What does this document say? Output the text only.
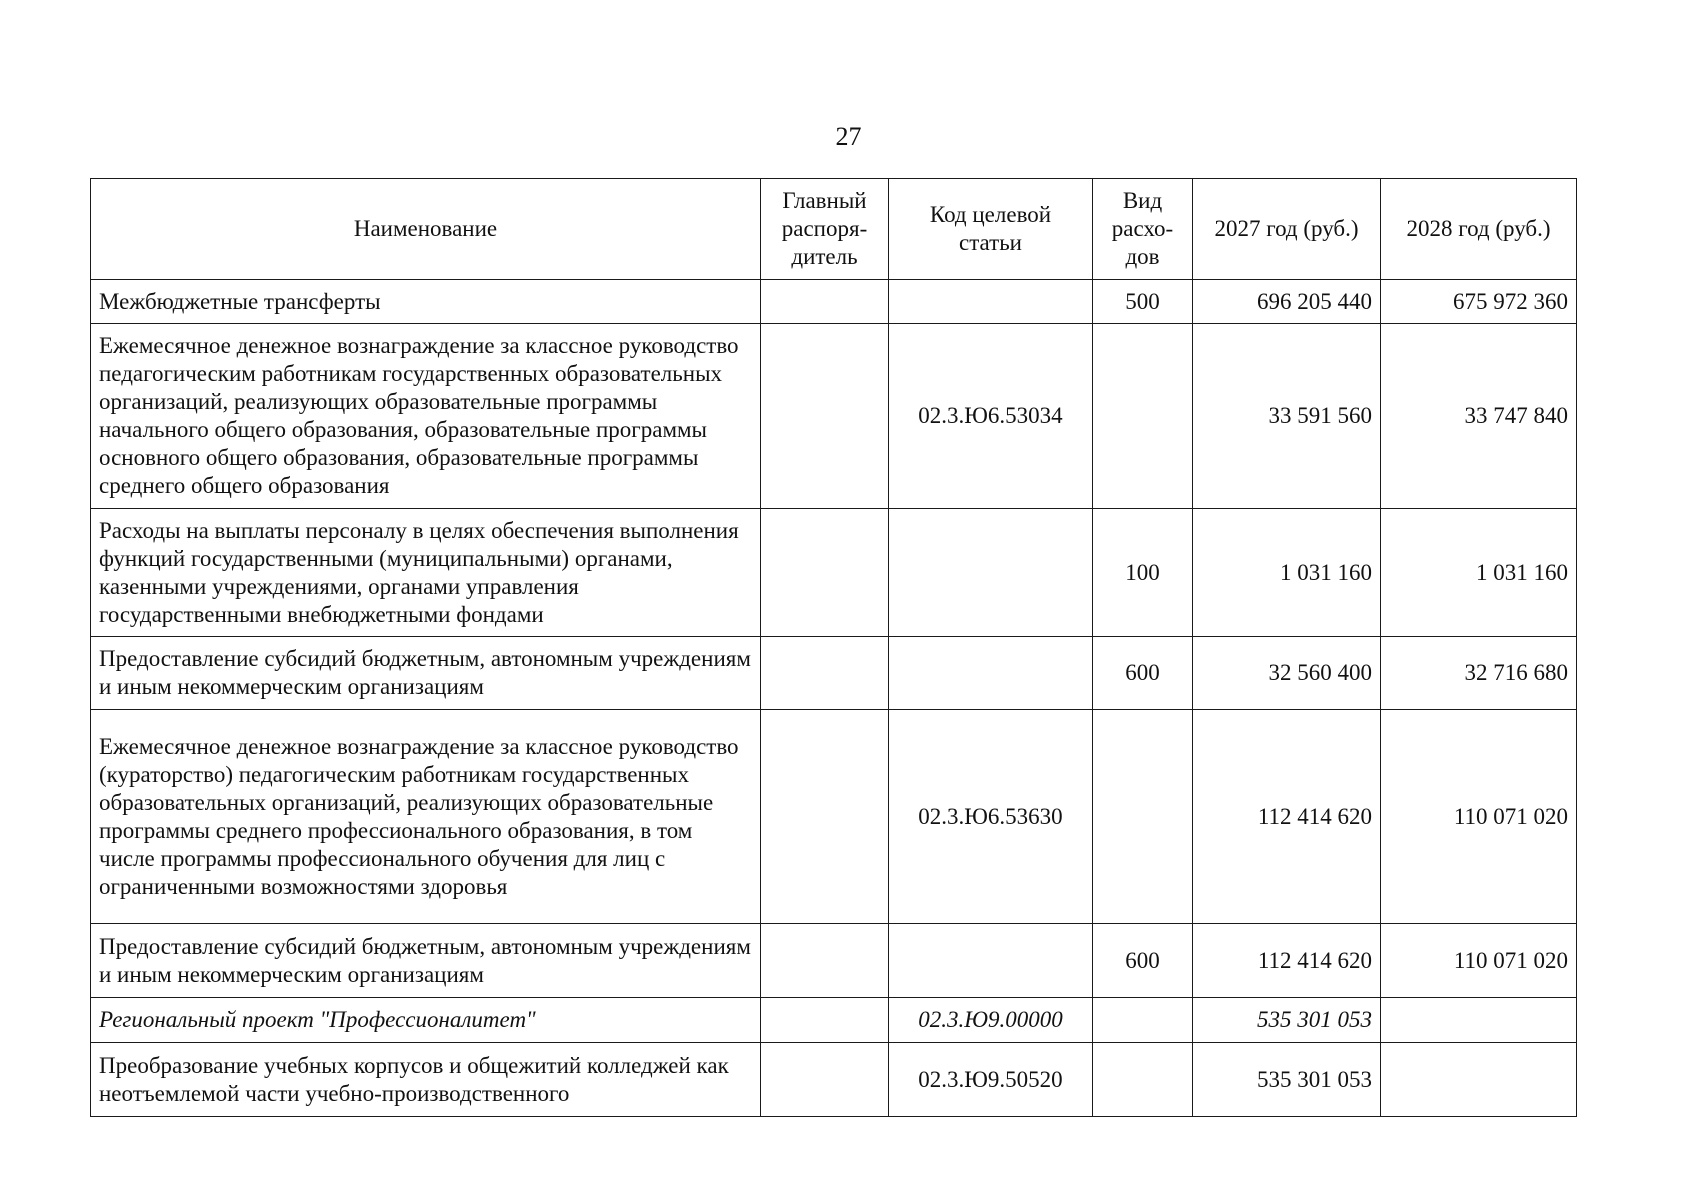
27
Наименование	Главный распоря-дитель	Код целевой статьи	Вид расхо-дов	2027 год (руб.)	2028 год (руб.)
Межбюджетные трансферты			500	696 205 440	675 972 360
Ежемесячное денежное вознаграждение за классное руководство педагогическим работникам государственных образовательных организаций, реализующих образовательные программы начального общего образования, образовательные программы основного общего образования, образовательные программы среднего общего образования		02.3.Ю6.53034		33 591 560	33 747 840
Расходы на выплаты персоналу в целях обеспечения выполнения функций государственными (муниципальными) органами, казенными учреждениями, органами управления государственными внебюджетными фондами			100	1 031 160	1 031 160
Предоставление субсидий бюджетным, автономным учреждениям и иным некоммерческим организациям			600	32 560 400	32 716 680
Ежемесячное денежное вознаграждение за классное руководство (кураторство) педагогическим работникам государственных образовательных организаций, реализующих образовательные программы среднего профессионального образования, в том числе программы профессионального обучения для лиц с ограниченными возможностями здоровья		02.3.Ю6.53630		112 414 620	110 071 020
Предоставление субсидий бюджетным, автономным учреждениям и иным некоммерческим организациям			600	112 414 620	110 071 020
Региональный проект "Профессионалитет"		02.3.Ю9.00000		535 301 053	
Преобразование учебных корпусов и общежитий колледжей как неотъемлемой части учебно-производственного		02.3.Ю9.50520		535 301 053	
